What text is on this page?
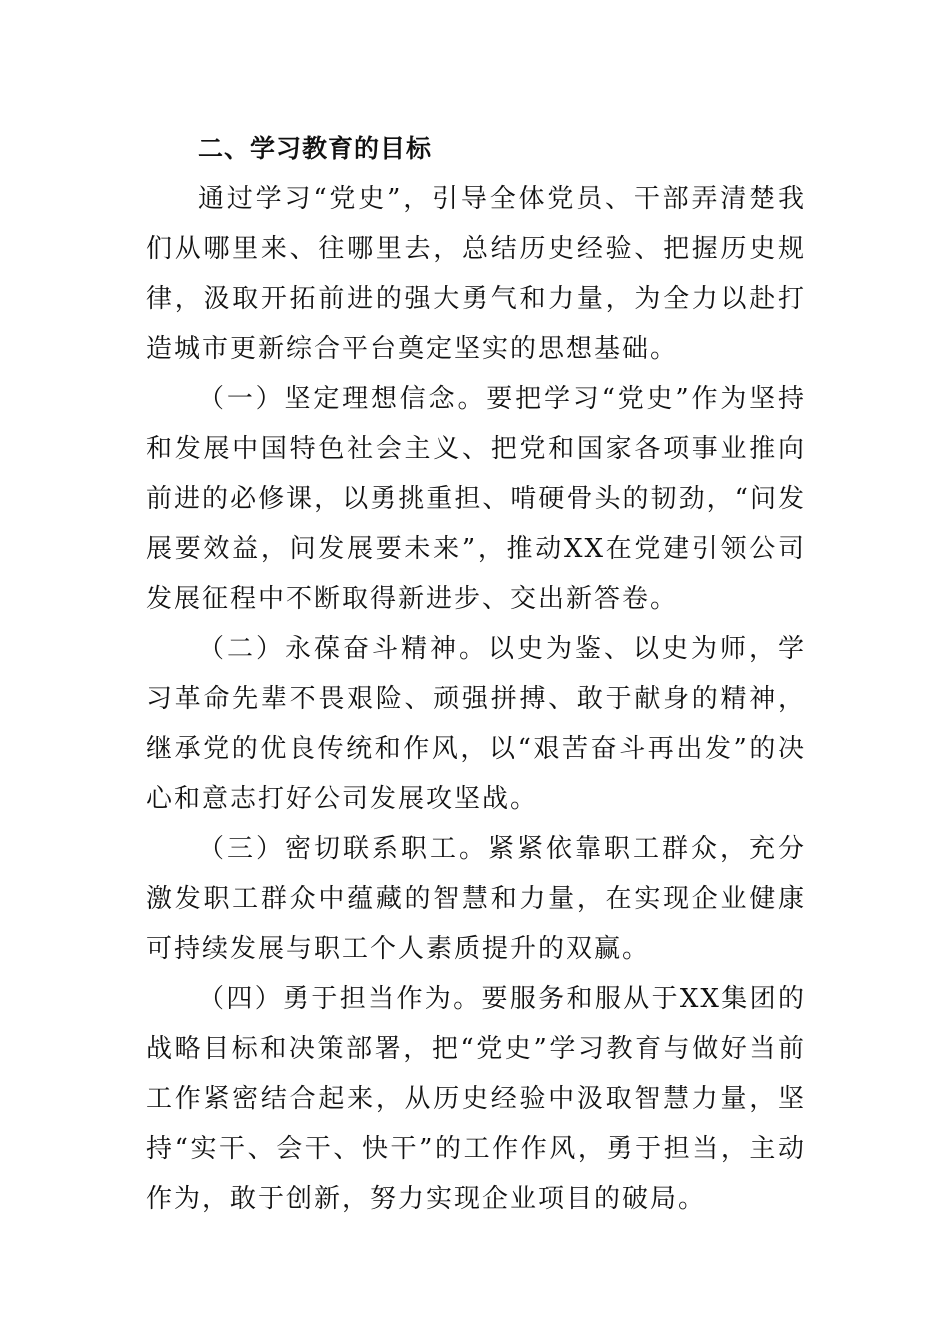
二、学习教育的目标

通过学习“党史”，引导全体党员、干部弄清楚我们从哪里来、往哪里去，总结历史经验、把握历史规律，汲取开拓前进的强大勇气和力量，为全力以赴打造城市更新综合平台奠定坚实的思想基础。

（一）坚定理想信念。要把学习“党史”作为坚持和发展中国特色社会主义、把党和国家各项事业推向前进的必修课，以勇挑重担、啃硬骨头的韧劲，“问发展要效益，问发展要未来”，推动XX在党建引领公司发展征程中不断取得新进步、交出新答卷。

（二）永葆奋斗精神。以史为鉴、以史为师，学习革命先辈不畏艰险、顽强拼搏、敢于献身的精神，继承党的优良传统和作风，以“艰苦奋斗再出发”的决心和意志打好公司发展攻坚战。

（三）密切联系职工。紧紧依靠职工群众，充分激发职工群众中蕴藏的智慧和力量，在实现企业健康可持续发展与职工个人素质提升的双赢。

（四）勇于担当作为。要服务和服从于XX集团的战略目标和决策部署，把“党史”学习教育与做好当前工作紧密结合起来，从历史经验中汲取智慧力量，坚持“实干、会干、快干”的工作作风，勇于担当，主动作为，敢于创新，努力实现企业项目的破局。
